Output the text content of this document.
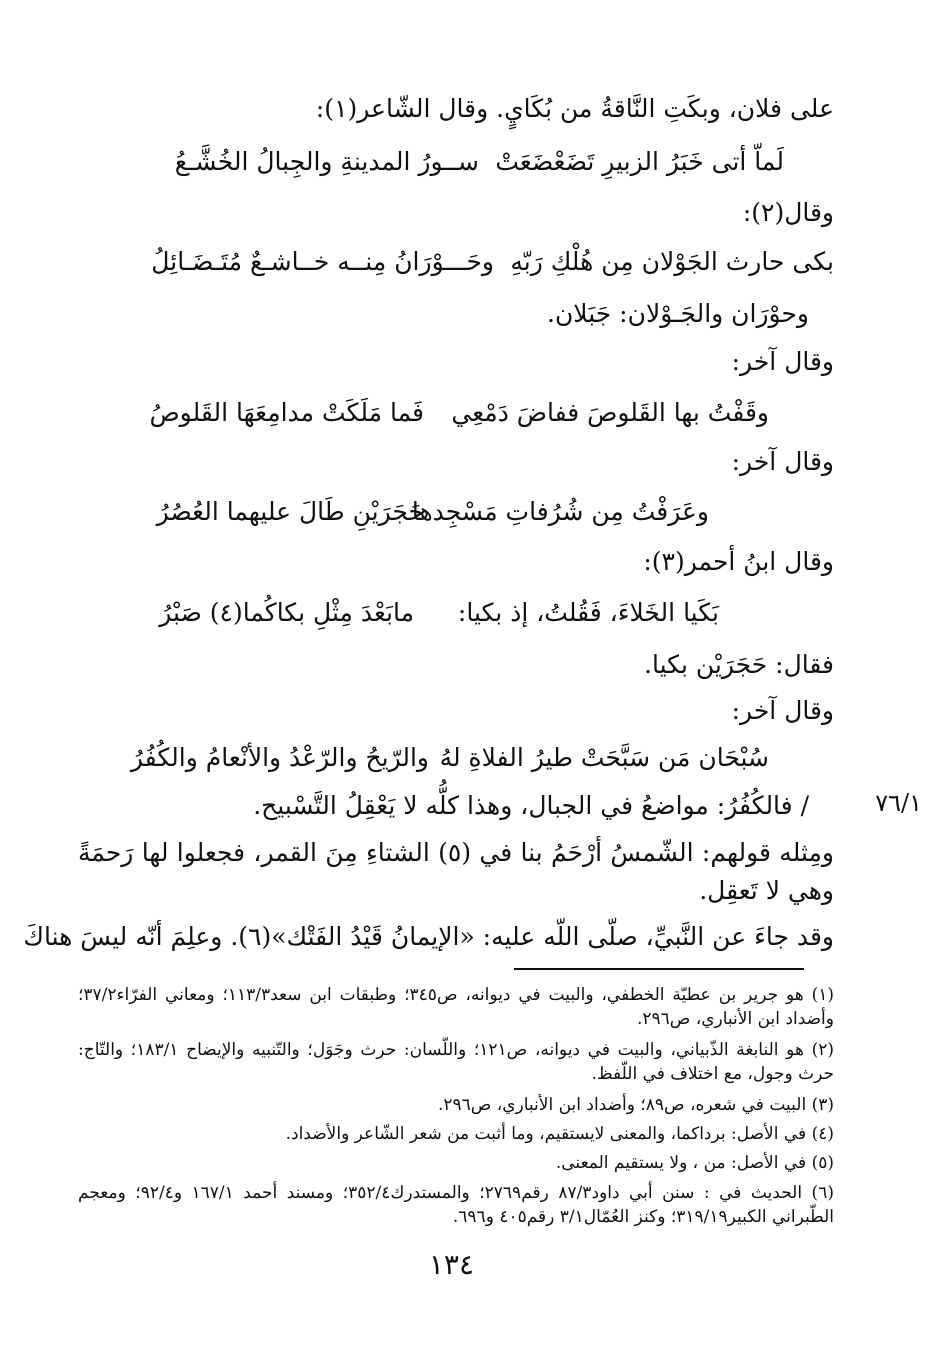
على فلان، وبكَتِ النَّاقةُ من بُكَايٍ. وقال الشّاعر(١):
لَماّ أتى خَبَرُ الزبيرِ تَضَعْضَعَتْ
ســورُ المدينةِ والجِبالُ الخُشَّـعُ
وقال(٢):
بكى حارث الجَوْلان مِن هُلْكِ رَبّهِ
وحَـــوْرَانُ مِنــه خــاشـعٌ مُتَـضَـائِلُ
وحوْرَان والجَـوْلان: جَبَلان.
وقال آخر:
وقَفْتُ بها القَلوصَ ففاضَ دَمْعِي
فَما مَلَكَتْ مدامِعَهَا القَلوصُ
وقال آخر:
وعَرَفْتُ مِن شُرُفاتِ مَسْجِدها
حَجَرَيْنِ طَالَ عليهما العُصُرُ
وقال ابنُ أحمر(٣):
بَكَيا الخَلاءَ، فَقُلتُ، إذ بكيا:
مابَعْدَ مِثْلِ بكاكُما(٤) صَبْرُ
فقال: حَجَرَيْن بكيا.
وقال آخر:
سُبْحَان مَن سَبَّحَتْ طيرُ الفلاةِ لهُ
والرّيحُ والرّعْدُ والأنْعامُ والكُفُرُ
٧٦/١
/ فالكُفُرُ: مواضعُ في الجبال، وهذا كلُّه لا يَعْقِلُ التَّسْبيح.
ومِثله قولهم: الشّمسُ أرْحَمُ بنا في (٥) الشتاءِ مِنَ القمر، فجعلوا لها رَحمَةً وهي لا تَعقِل.
وقد جاءَ عن النَّبيِّ، صلّى اللّه عليه: «الإيمانُ قَيْدُ الفَتْك»(٦). وعلِمَ أنّه ليسَ هناكَ
(١) هو جرير بن عطيّة الخطفي، والبيت في ديوانه، ص٣٤٥؛ وطبقات ابن سعد١١٣/٣؛ ومعاني الفرّاء٣٧/٢؛ وأضداد ابن الأنباري، ص٢٩٦.
(٢) هو النابغة الذّبياني، والبيت في ديوانه، ص١٢١؛ واللّسان: حرث وجَوَل؛ والتّنبيه والإيضاح ١٨٣/١؛ والتّاج: حرث وجول، مع اختلاف في اللّفظ.
(٣) البيت في شعره، ص٨٩؛ وأضداد ابن الأنباري، ص٢٩٦.
(٤) في الأصل: برداكما، والمعنى لايستقيم، وما أثبت من شعر الشّاعر والأضداد.
(٥) في الأصل: من ، ولا يستقيم المعنى.
(٦) الحديث في : سنن أبي داود٨٧/٣ رقم٢٧٦٩؛ والمستدرك٣٥٢/٤؛ ومسند أحمد ١٦٧/١ و٩٢/٤؛ ومعجم الطّبراني الكبير٣١٩/١٩؛ وكنز العُمّال٣/١ رقم٤٠٥ و٦٩٦.
١٣٤
